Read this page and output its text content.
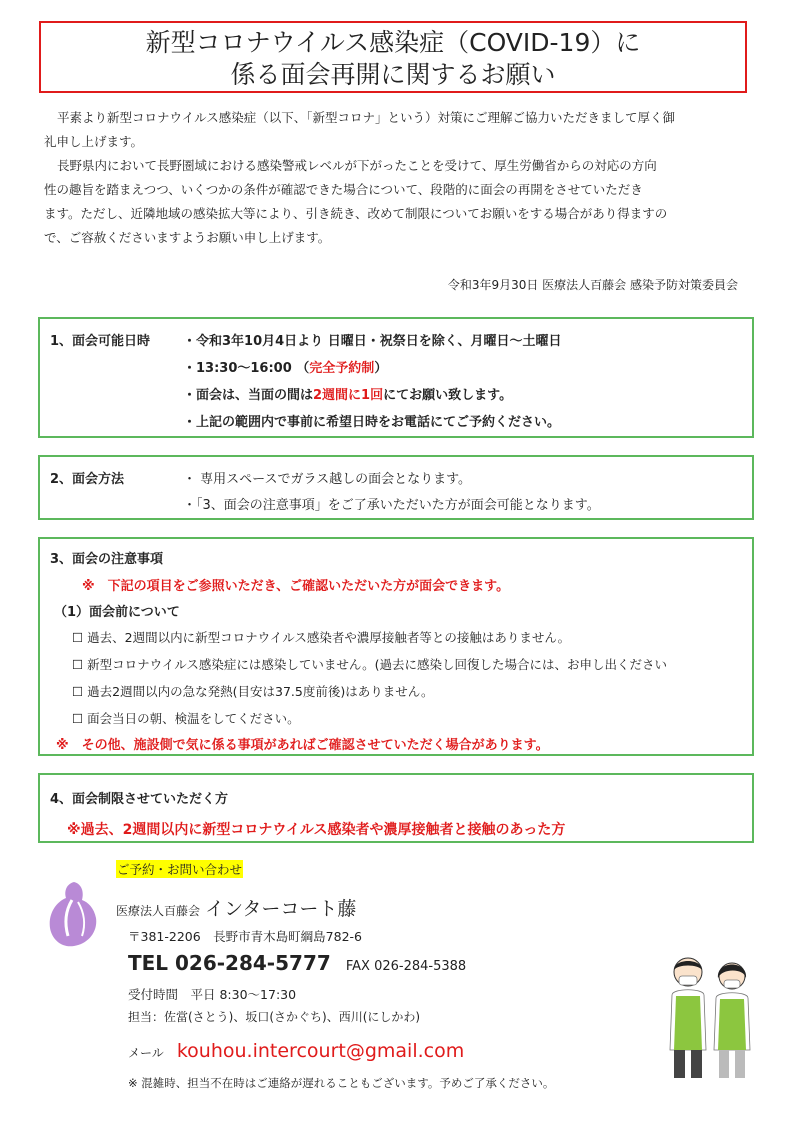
新型コロナウイルス感染症（COVID-19）に
係る面会再開に関するお願い

平素より新型コロナウイルス感染症（以下、「新型コロナ」という）対策にご理解ご協力いただきまして厚く御

礼申し上げます。

長野県内において長野圏域における感染警戒レベルが下がったことを受けて、厚生労働省からの対応の方向

性の趣旨を踏まえつつ、いくつかの条件が確認できた場合について、段階的に面会の再開をさせていただき

ます。ただし、近隣地域の感染拡大等により、引き続き、改めて制限についてお願いをする場合があり得ますの

で、ご容赦くださいますようお願い申し上げます。

令和3年9月30日 医療法人百藤会 感染予防対策委員会
1、面会可能日時	・令和3年10月4日より 日曜日・祝祭日を除く、月曜日～土曜日
・13:30～16:00 （完全予約制）
・面会は、当面の間は2週間に1回にてお願い致します。
・上記の範囲内で事前に希望日時をお電話にてご予約ください。
2、面会方法	・ 専用スペースでガラス越しの面会となります。
・「3、面会の注意事項」をご了承いただいた方が面会可能となります。
3、面会の注意事項
※　下記の項目をご参照いただき、ご確認いただいた方が面会できます。
（1）面会前について
☐ 過去、2週間以内に新型コロナウイルス感染者や濃厚接触者等との接触はありません。
☐ 新型コロナウイルス感染症には感染していません。(過去に感染し回復した場合には、お申し出ください
☐ 過去2週間以内の急な発熱(目安は37.5度前後)はありません。
☐ 面会当日の朝、検温をしてください。
※　その他、施設側で気に係る事項があればご確認させていただく場合があります。
4、面会制限させていただく方
※過去、2週間以内に新型コロナウイルス感染者や濃厚接触者と接触のあった方
ご予約・お問い合わせ
医療法人百藤会 インターコート藤
〒381-2206　長野市青木島町綱島782-6
TEL 026-284-5777 FAX 026-284-5388
受付時間　平日 8:30～17:30
担当：佐當(さとう)、坂口(さかぐち)、西川(にしかわ)
メール kouhou.intercourt@gmail.com
※ 混雑時、担当不在時はご連絡が遅れることもございます。予めご了承ください。
